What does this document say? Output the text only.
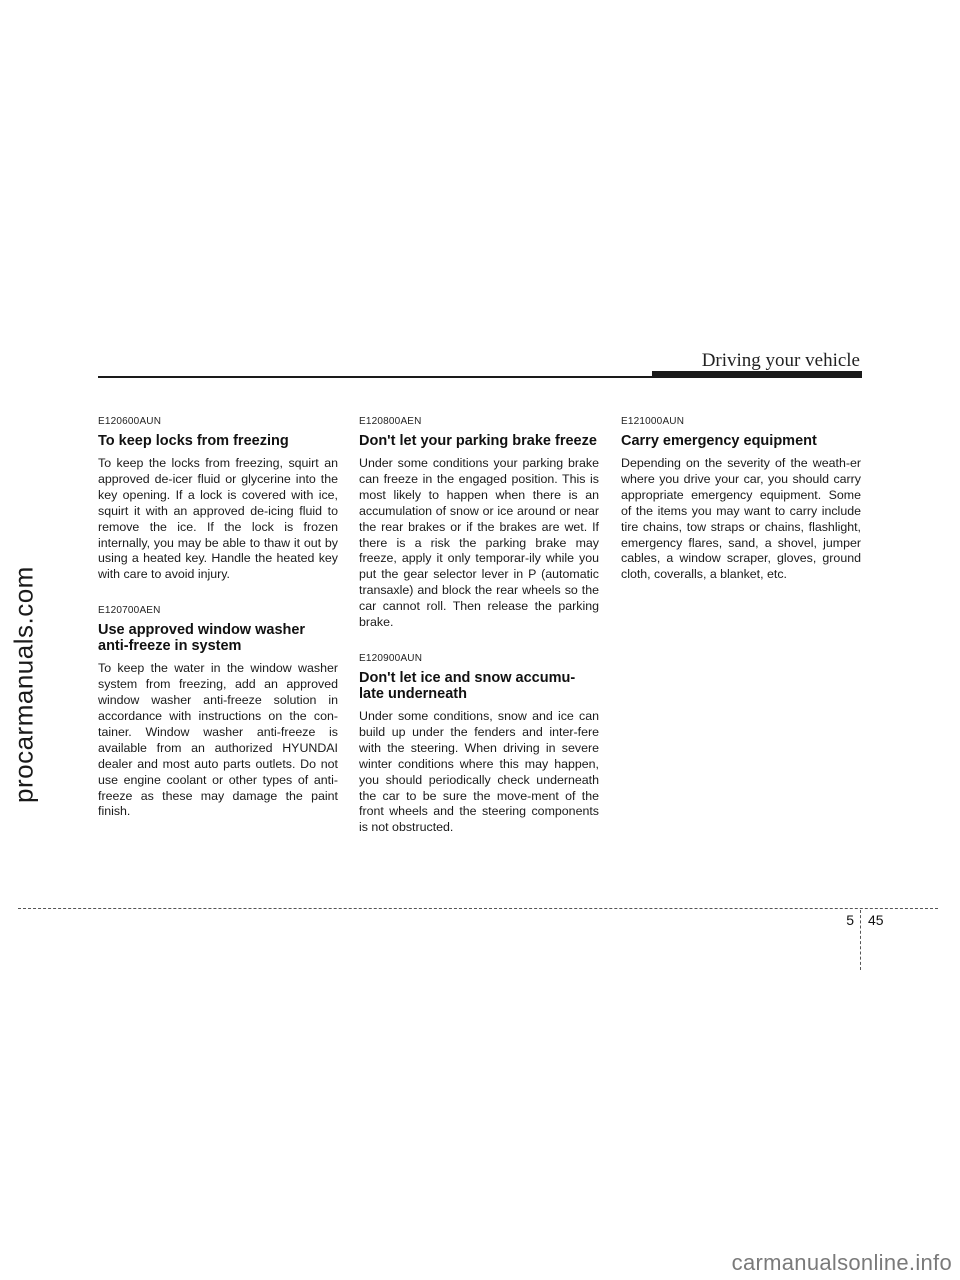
Driving your vehicle
procarmanuals.com
E120600AUN
To keep locks from freezing

To keep the locks from freezing, squirt an approved de-icer fluid or glycerine into the key opening. If a lock is covered with ice, squirt it with an approved de-icing fluid to remove the ice. If the lock is frozen internally, you may be able to thaw it out by using a heated key. Handle the heated key with care to avoid injury.

E120700AEN
Use approved window washer anti-freeze in system

To keep the water in the window washer system from freezing, add an approved window washer anti-freeze solution in accordance with instructions on the con-tainer. Window washer anti-freeze is available from an authorized HYUNDAI dealer and most auto parts outlets. Do not use engine coolant or other types of anti-freeze as these may damage the paint finish.

E120800AEN
Don't let your parking brake freeze

Under some conditions your parking brake can freeze in the engaged position. This is most likely to happen when there is an accumulation of snow or ice around or near the rear brakes or if the brakes are wet. If there is a risk the parking brake may freeze, apply it only temporar-ily while you put the gear selector lever in P (automatic transaxle) and block the rear wheels so the car cannot roll. Then release the parking brake.

E120900AUN
Don't let ice and snow accumu-late underneath

Under some conditions, snow and ice can build up under the fenders and inter-fere with the steering. When driving in severe winter conditions where this may happen, you should periodically check underneath the car to be sure the move-ment of the front wheels and the steering components is not obstructed.

E121000AUN
Carry emergency equipment

Depending on the severity of the weath-er where you drive your car, you should carry appropriate emergency equipment. Some of the items you may want to carry include tire chains, tow straps or chains, flashlight, emergency flares, sand, a shovel, jumper cables, a window scraper, gloves, ground cloth, coveralls, a blanket, etc.

5 45
carmanualsonline.info
